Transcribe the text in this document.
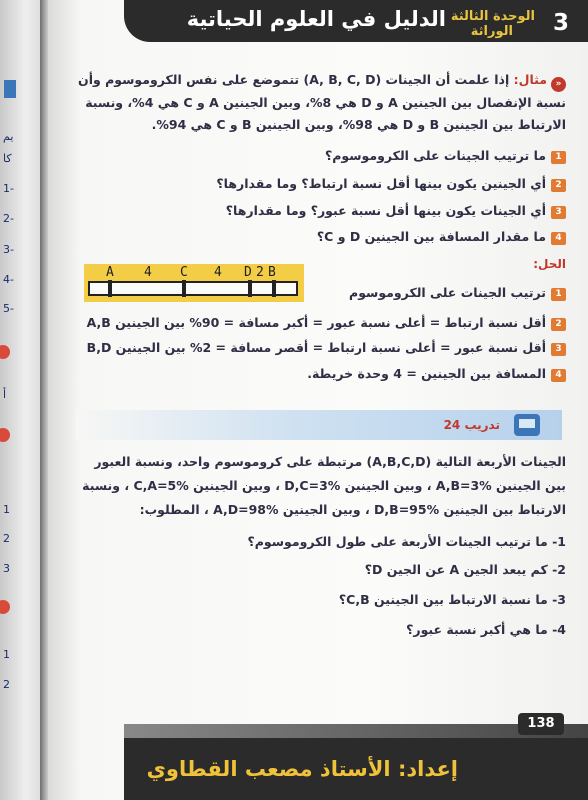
يم
كا
-1
-2
-3
-4
-5
أ
1
2
3
1
2
3
الوحدة الثالثة
الوراثة
الدليل في العلوم الحياتية
«مثال: إذا علمت أن الجينات (A, B, C, D) تتموضع على نفس الكروموسوم وأن نسبة الإنفصال بين الجينين A و D هي 8%، وبين الجينين A و C هي 4%، ونسبة الارتباط بين الجينين B و D هي 98%، وبين الجينين B و C هي 94%.
1ما ترتيب الجينات على الكروموسوم؟
2أي الجينين يكون بينها أقل نسبة ارتباط؟ وما مقدارها؟
3أي الجينات يكون بينها أقل نسبة عبور؟ وما مقدارها؟
4ما مقدار المسافة بين الجينين D و C؟
الحل:
A 4 C 4 D 2 B
1ترتيب الجينات على الكروموسوم
2أقل نسبة ارتباط = أعلى نسبة عبور = أكبر مسافة = 90% بين الجينين A,B
3أقل نسبة عبور = أعلى نسبة ارتباط = أقصر مسافة = 2% بين الجينين B,D
4المسافة بين الجينين = 4 وحدة خريطة.
تدريب 24
الجينات الأربعة التالية (A,B,C,D) مرتبطة على كروموسوم واحد، ونسبة العبور بين الجينين A,B=3% ، وبين الجينين D,C=3% ، وبين الجينين C,A=5% ، ونسبة الارتباط بين الجينين D,B=95% ، وبين الجينين A,D=98% ، المطلوب:
1- ما ترتيب الجينات الأربعة على طول الكروموسوم؟
2- كم يبعد الجين A عن الجين D؟
3- ما نسبة الارتباط بين الجينين C,B؟
4- ما هي أكبر نسبة عبور؟
138
إعداد: الأستاذ مصعب القطاوي
